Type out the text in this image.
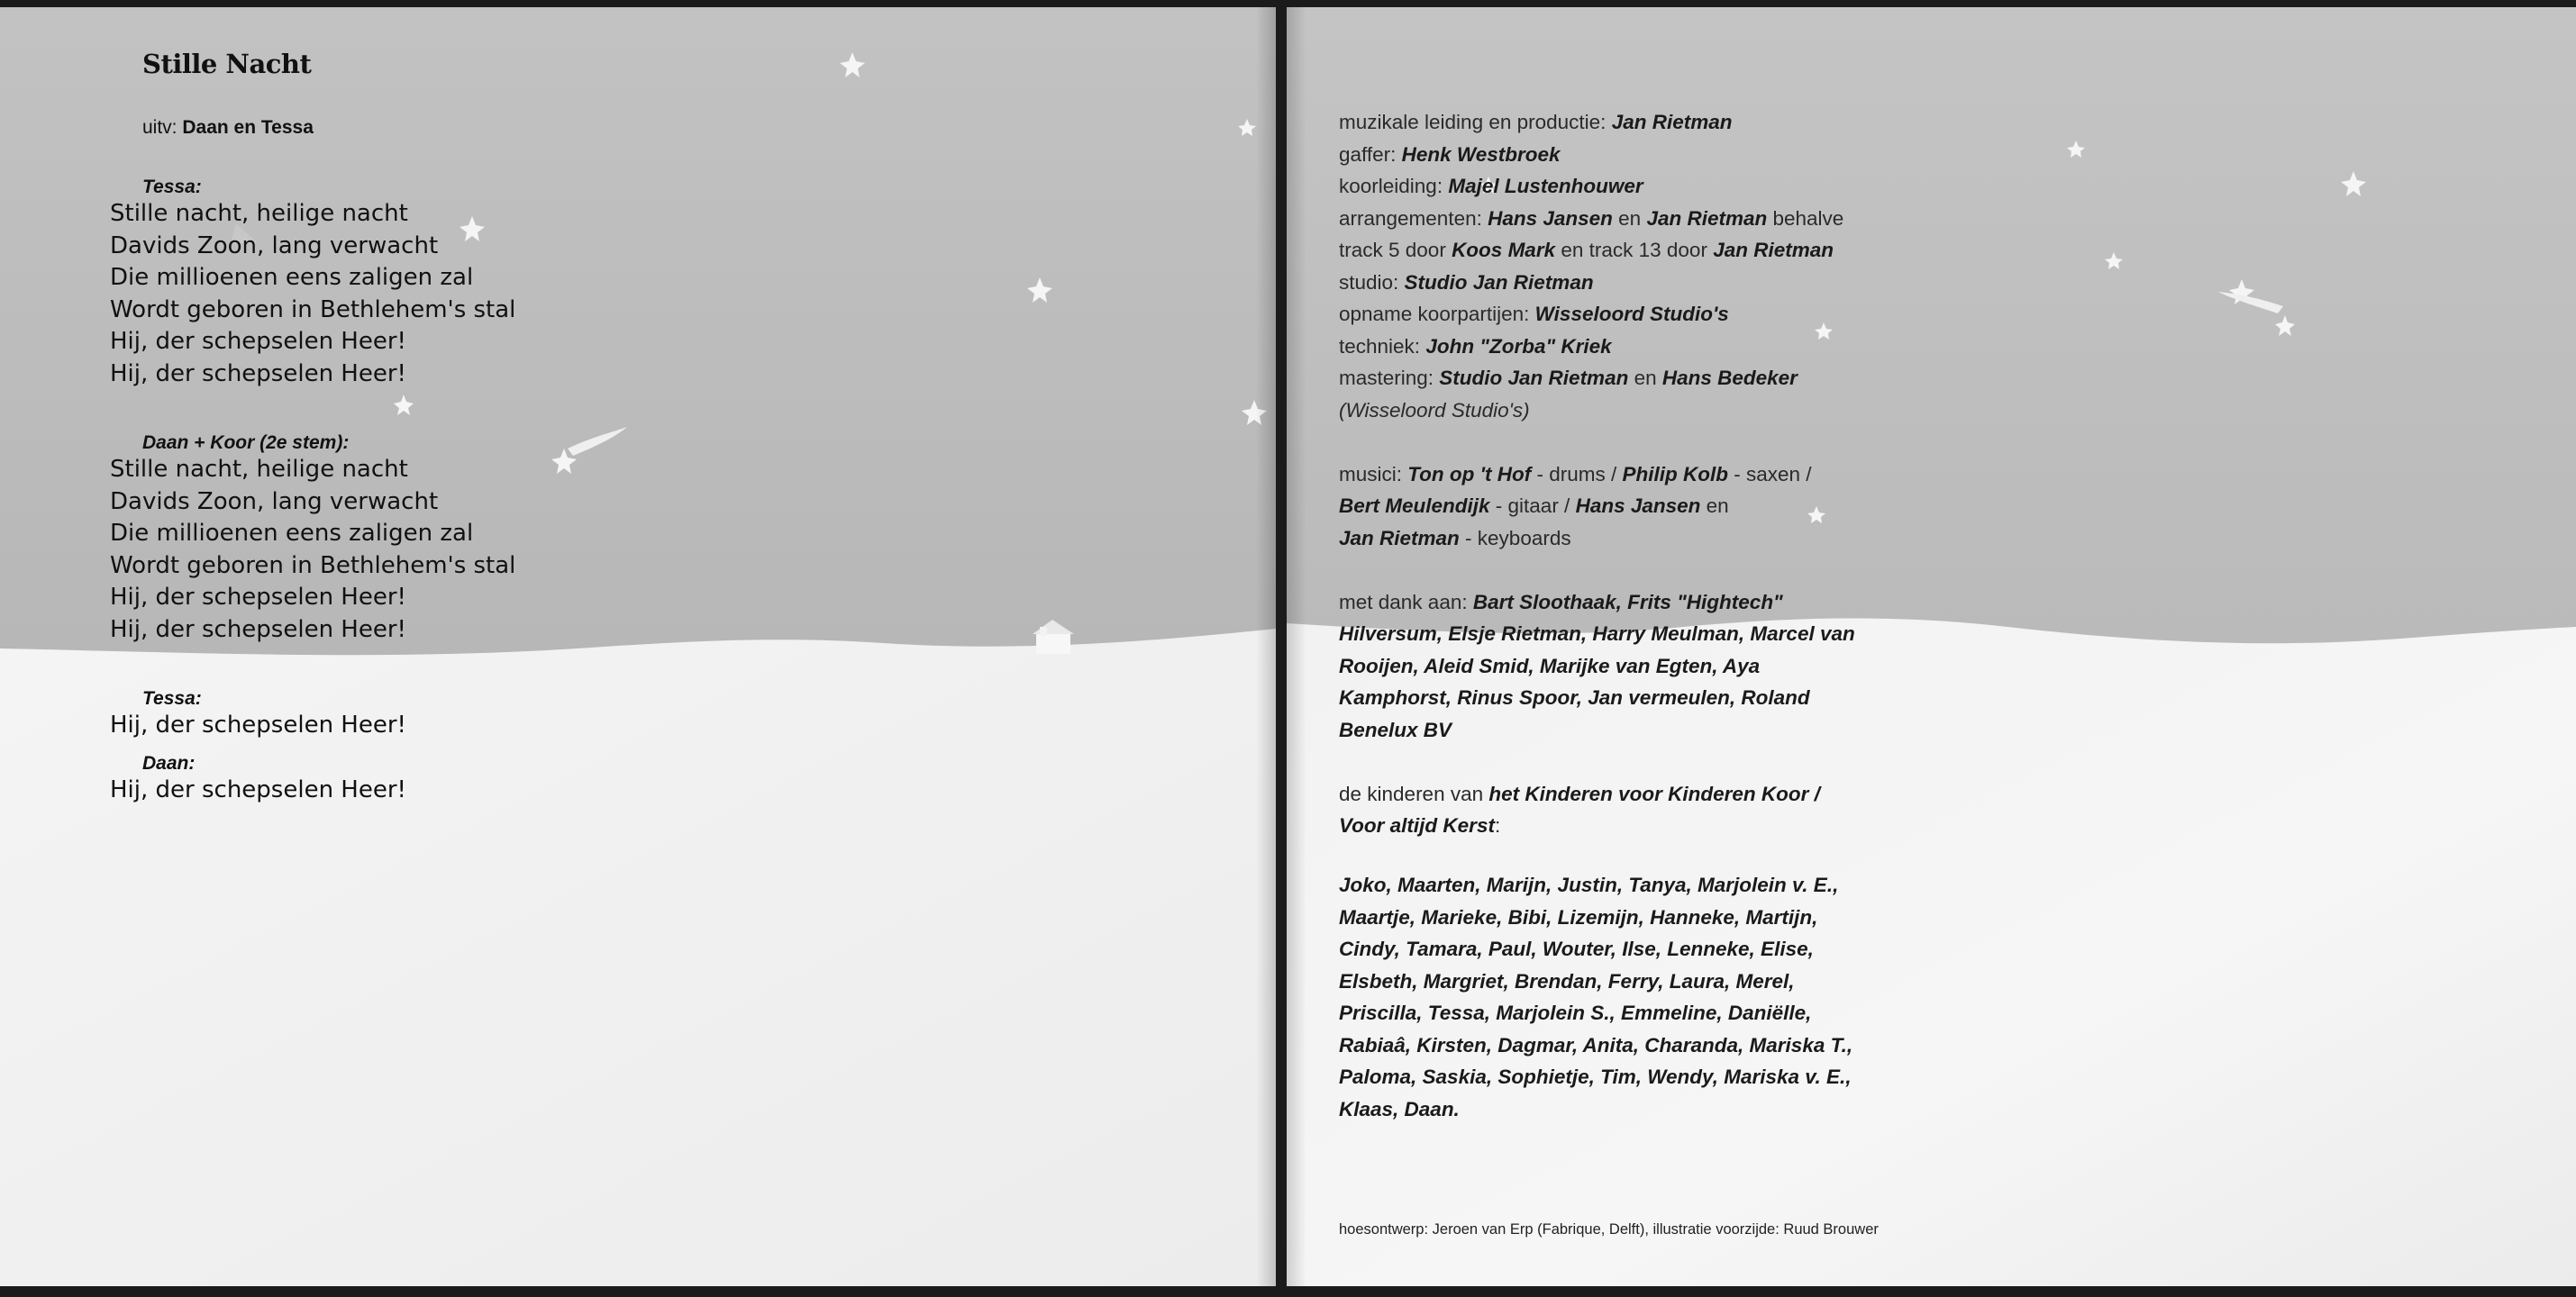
Stille Nacht
uitv: Daan en Tessa
Tessa:
Stille nacht, heilige nacht
Davids Zoon, lang verwacht
Die millioenen eens zaligen zal
Wordt geboren in Bethlehem's stal
Hij, der schepselen Heer!
Hij, der schepselen Heer!
Daan + Koor (2e stem):
Stille nacht, heilige nacht
Davids Zoon, lang verwacht
Die millioenen eens zaligen zal
Wordt geboren in Bethlehem's stal
Hij, der schepselen Heer!
Hij, der schepselen Heer!
Tessa:
Hij, der schepselen Heer!
Daan:
Hij, der schepselen Heer!
muzikale leiding en productie: Jan Rietman
gaffer: Henk Westbroek
koorleiding: Majel Lustenhouwer
arrangementen: Hans Jansen en Jan Rietman behalve
track 5 door Koos Mark en track 13 door Jan Rietman
studio: Studio Jan Rietman
opname koorpartijen: Wisseloord Studio's
techniek: John "Zorba" Kriek
mastering: Studio Jan Rietman en Hans Bedeker
(Wisseloord Studio's)
musici: Ton op 't Hof - drums / Philip Kolb - saxen /
Bert Meulendijk - gitaar / Hans Jansen en
Jan Rietman - keyboards
met dank aan: Bart Sloothaak, Frits "Hightech"
Hilversum, Elsje Rietman, Harry Meulman, Marcel van
Rooijen, Aleid Smid, Marijke van Egten, Aya
Kamphorst, Rinus Spoor, Jan vermeulen, Roland
Benelux BV
de kinderen van het Kinderen voor Kinderen Koor /
Voor altijd Kerst:
Joko, Maarten, Marijn, Justin, Tanya, Marjolein v. E.,
Maartje, Marieke, Bibi, Lizemijn, Hanneke, Martijn,
Cindy, Tamara, Paul, Wouter, Ilse, Lenneke, Elise,
Elsbeth, Margriet, Brendan, Ferry, Laura, Merel,
Priscilla, Tessa, Marjolein S., Emmeline, Daniëlle,
Rabiaâ, Kirsten, Dagmar, Anita, Charanda, Mariska T.,
Paloma, Saskia, Sophietje, Tim, Wendy, Mariska v. E.,
Klaas, Daan.
hoesontwerp: Jeroen van Erp (Fabrique, Delft), illustratie voorzijde: Ruud Brouwer
